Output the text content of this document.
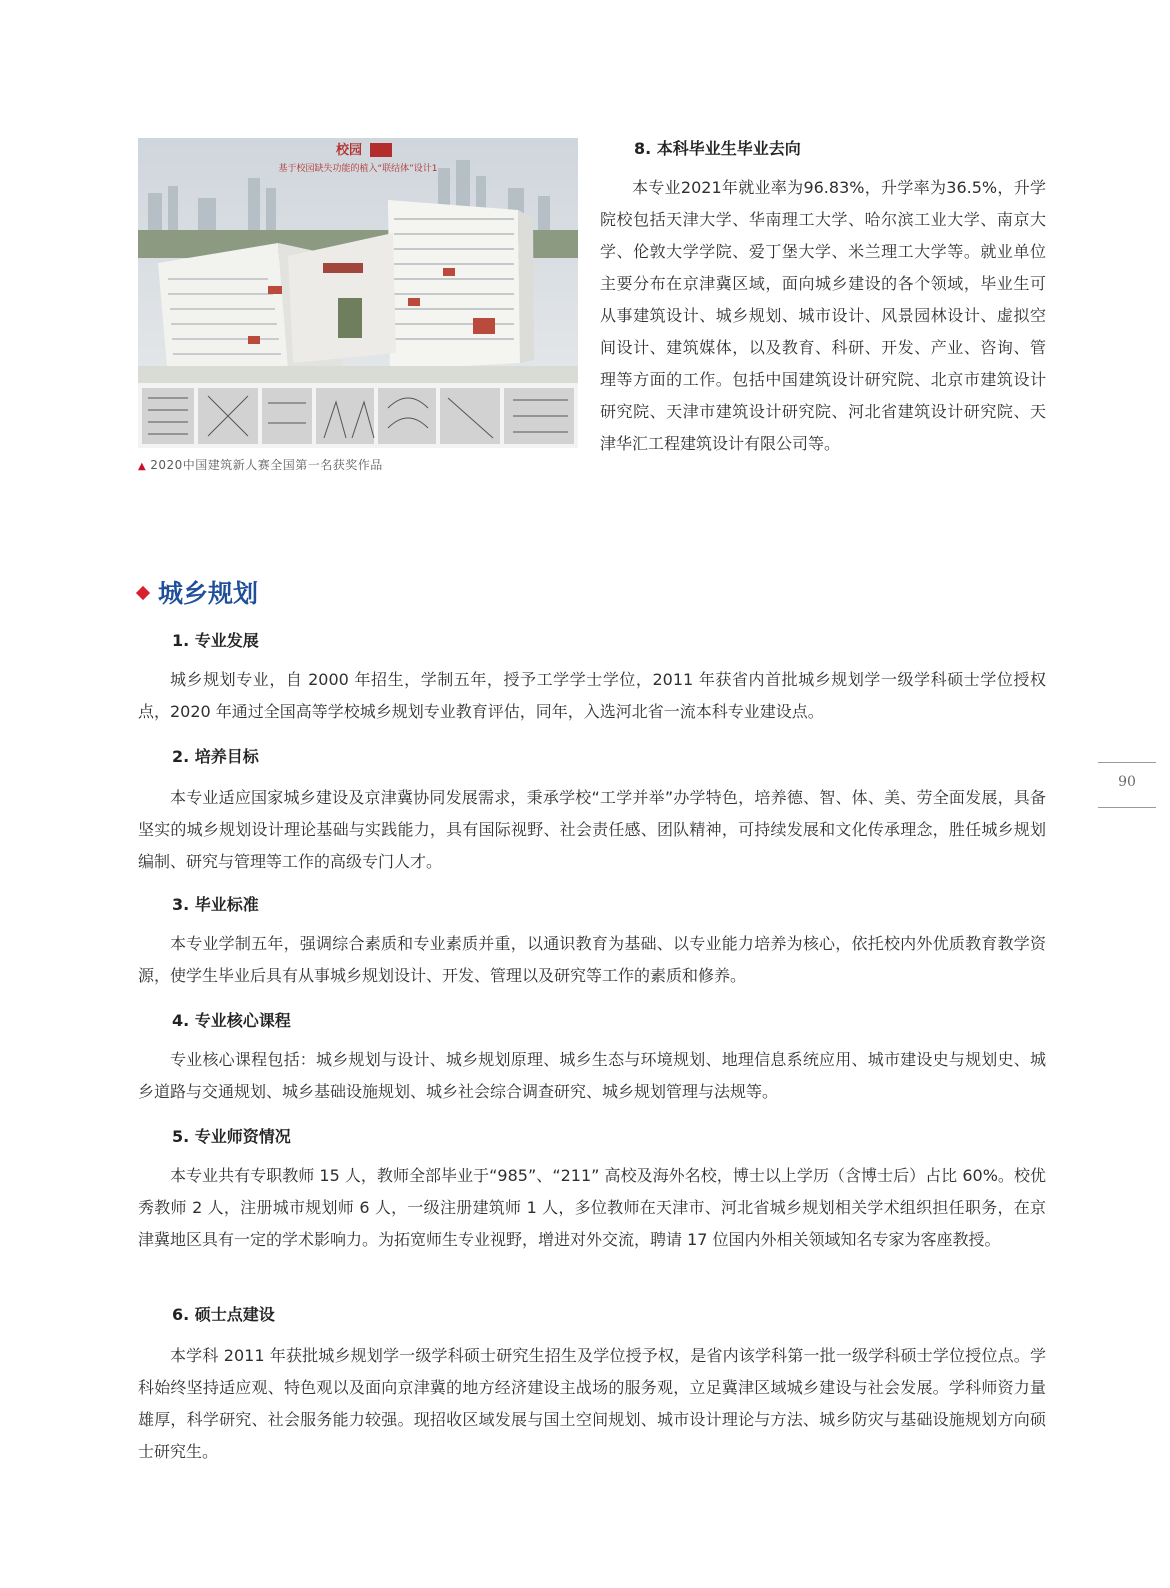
校园
基于校园缺失功能的植入“联结体”设计1
▲ 2020中国建筑新人赛全国第一名获奖作品
8. 本科毕业生毕业去向

本专业2021年就业率为96.83%，升学率为36.5%，升学院校包括天津大学、华南理工大学、哈尔滨工业大学、南京大学、伦敦大学学院、爱丁堡大学、米兰理工大学等。就业单位主要分布在京津冀区域，面向城乡建设的各个领域，毕业生可从事建筑设计、城乡规划、城市设计、风景园林设计、虚拟空间设计、建筑媒体，以及教育、科研、开发、产业、咨询、管理等方面的工作。包括中国建筑设计研究院、北京市建筑设计研究院、天津市建筑设计研究院、河北省建筑设计研究院、天津华汇工程建筑设计有限公司等。

城乡规划
1. 专业发展

城乡规划专业，自 2000 年招生，学制五年，授予工学学士学位，2011 年获省内首批城乡规划学一级学科硕士学位授权点，2020 年通过全国高等学校城乡规划专业教育评估，同年，入选河北省一流本科专业建设点。

2. 培养目标

本专业适应国家城乡建设及京津冀协同发展需求，秉承学校“工学并举”办学特色，培养德、智、体、美、劳全面发展，具备坚实的城乡规划设计理论基础与实践能力，具有国际视野、社会责任感、团队精神，可持续发展和文化传承理念，胜任城乡规划编制、研究与管理等工作的高级专门人才。

3. 毕业标准

本专业学制五年，强调综合素质和专业素质并重，以通识教育为基础、以专业能力培养为核心，依托校内外优质教育教学资源，使学生毕业后具有从事城乡规划设计、开发、管理以及研究等工作的素质和修养。

4. 专业核心课程

专业核心课程包括：城乡规划与设计、城乡规划原理、城乡生态与环境规划、地理信息系统应用、城市建设史与规划史、城乡道路与交通规划、城乡基础设施规划、城乡社会综合调查研究、城乡规划管理与法规等。

5. 专业师资情况

本专业共有专职教师 15 人，教师全部毕业于“985”、“211” 高校及海外名校，博士以上学历（含博士后）占比 60%。校优秀教师 2 人，注册城市规划师 6 人，一级注册建筑师 1 人，多位教师在天津市、河北省城乡规划相关学术组织担任职务，在京津冀地区具有一定的学术影响力。为拓宽师生专业视野，增进对外交流，聘请 17 位国内外相关领域知名专家为客座教授。

6. 硕士点建设

本学科 2011 年获批城乡规划学一级学科硕士研究生招生及学位授予权，是省内该学科第一批一级学科硕士学位授位点。学科始终坚持适应观、特色观以及面向京津冀的地方经济建设主战场的服务观，立足冀津区域城乡建设与社会发展。学科师资力量雄厚，科学研究、社会服务能力较强。现招收区域发展与国土空间规划、城市设计理论与方法、城乡防灾与基础设施规划方向硕士研究生。

90
